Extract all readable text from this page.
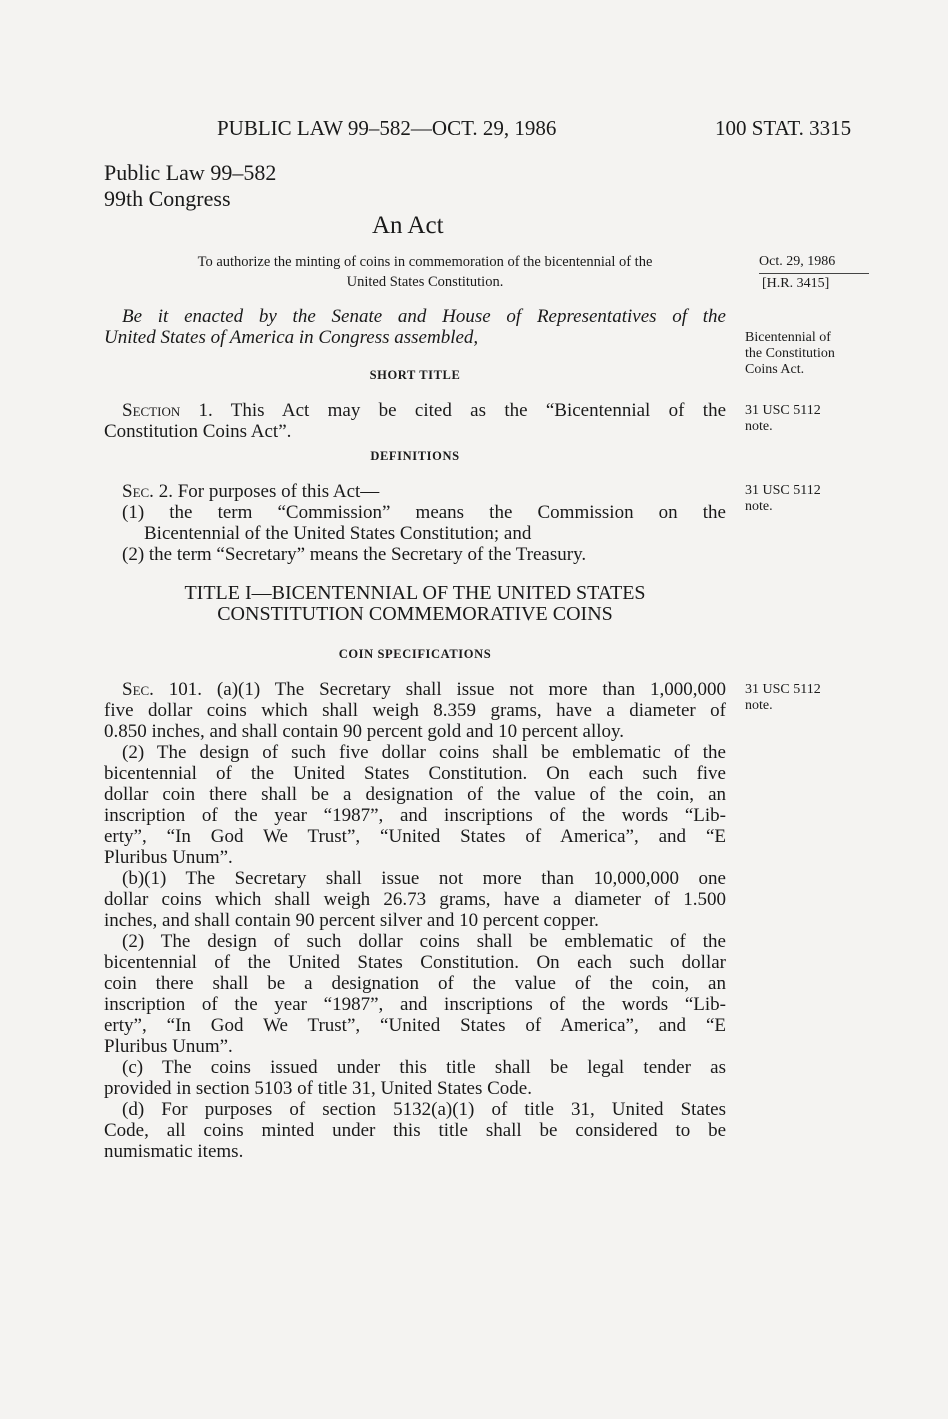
PUBLIC LAW 99–582—OCT. 29, 1986	100 STAT. 3315
Public Law 99–582
99th Congress
An Act
To authorize the minting of coins in commemoration of the bicentennial of the
United States Constitution.
Oct. 29, 1986
[H.R. 3415]
Bicentennial of
the Constitution
Coins Act.
31 USC 5112
note.
31 USC 5112
note.
31 USC 5112
note.
Be it enacted by the Senate and House of Representatives of the
United States of America in Congress assembled,
SHORT TITLE
Section 1. This Act may be cited as the “Bicentennial of the
Constitution Coins Act”.
DEFINITIONS
Sec. 2. For purposes of this Act—
(1) the term “Commission” means the Commission on the
Bicentennial of the United States Constitution; and
(2) the term “Secretary” means the Secretary of the Treasury.
TITLE I—BICENTENNIAL OF THE UNITED STATES
CONSTITUTION COMMEMORATIVE COINS
COIN SPECIFICATIONS
Sec. 101. (a)(1) The Secretary shall issue not more than 1,000,000
five dollar coins which shall weigh 8.359 grams, have a diameter of
0.850 inches, and shall contain 90 percent gold and 10 percent alloy.
(2) The design of such five dollar coins shall be emblematic of the
bicentennial of the United States Constitution. On each such five
dollar coin there shall be a designation of the value of the coin, an
inscription of the year “1987”, and inscriptions of the words “Lib-
erty”, “In God We Trust”, “United States of America”, and “E
Pluribus Unum”.
(b)(1) The Secretary shall issue not more than 10,000,000 one
dollar coins which shall weigh 26.73 grams, have a diameter of 1.500
inches, and shall contain 90 percent silver and 10 percent copper.
(2) The design of such dollar coins shall be emblematic of the
bicentennial of the United States Constitution. On each such dollar
coin there shall be a designation of the value of the coin, an
inscription of the year “1987”, and inscriptions of the words “Lib-
erty”, “In God We Trust”, “United States of America”, and “E
Pluribus Unum”.
(c) The coins issued under this title shall be legal tender as
provided in section 5103 of title 31, United States Code.
(d) For purposes of section 5132(a)(1) of title 31, United States
Code, all coins minted under this title shall be considered to be
numismatic items.
